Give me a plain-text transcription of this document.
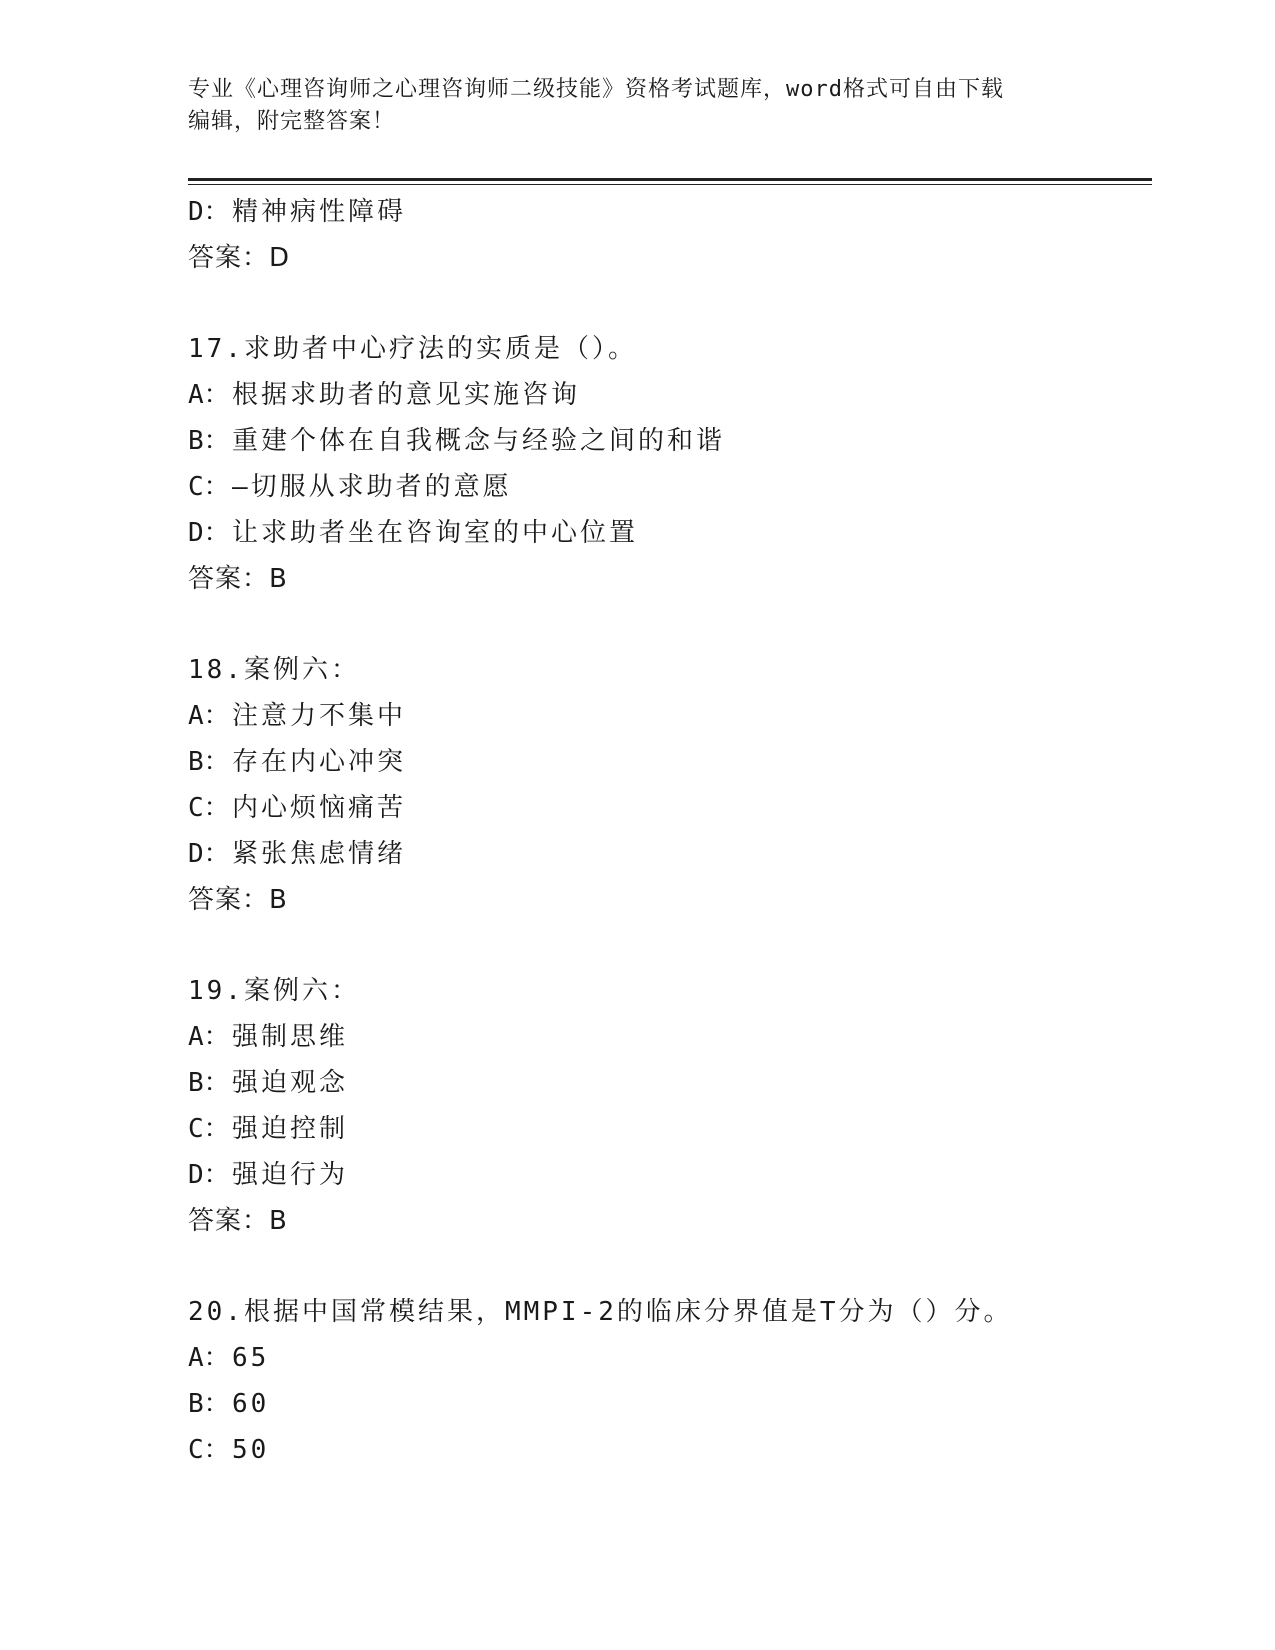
专业《心理咨询师之心理咨询师二级技能》资格考试题库，word格式可自由下载
编辑，附完整答案！
D：精神病性障碍
答案：D
17.求助者中心疗法的实质是（）。
A：根据求助者的意见实施咨询
B：重建个体在自我概念与经验之间的和谐
C：—切服从求助者的意愿
D：让求助者坐在咨询室的中心位置
答案：B
18.案例六：
A：注意力不集中
B：存在内心冲突
C：内心烦恼痛苦
D：紧张焦虑情绪
答案：B
19.案例六：
A：强制思维
B：强迫观念
C：强迫控制
D：强迫行为
答案：B
20.根据中国常模结果，MMPI-2的临床分界值是T分为（）分。
A：65
B：60
C：50
